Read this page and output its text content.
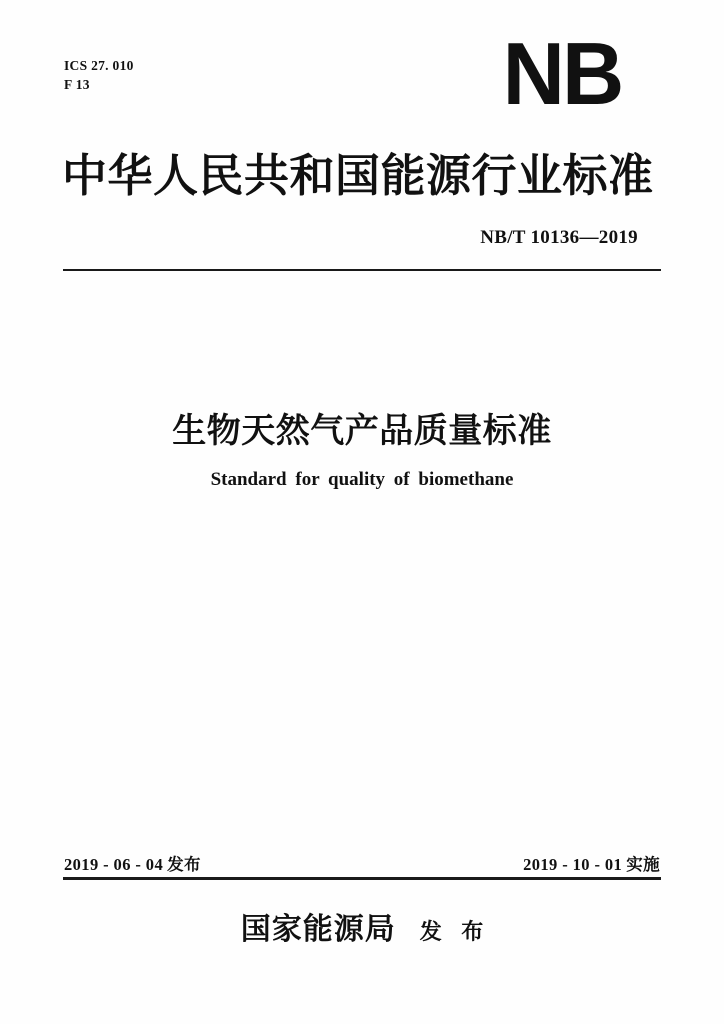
ICS 27. 010
F 13	NB
中华人民共和国能源行业标准
NB/T 10136—2019
生物天然气产品质量标准
Standard for quality of biomethane
2019 - 06 - 04 发布	2019 - 10 - 01 实施
国家能源局 发 布
